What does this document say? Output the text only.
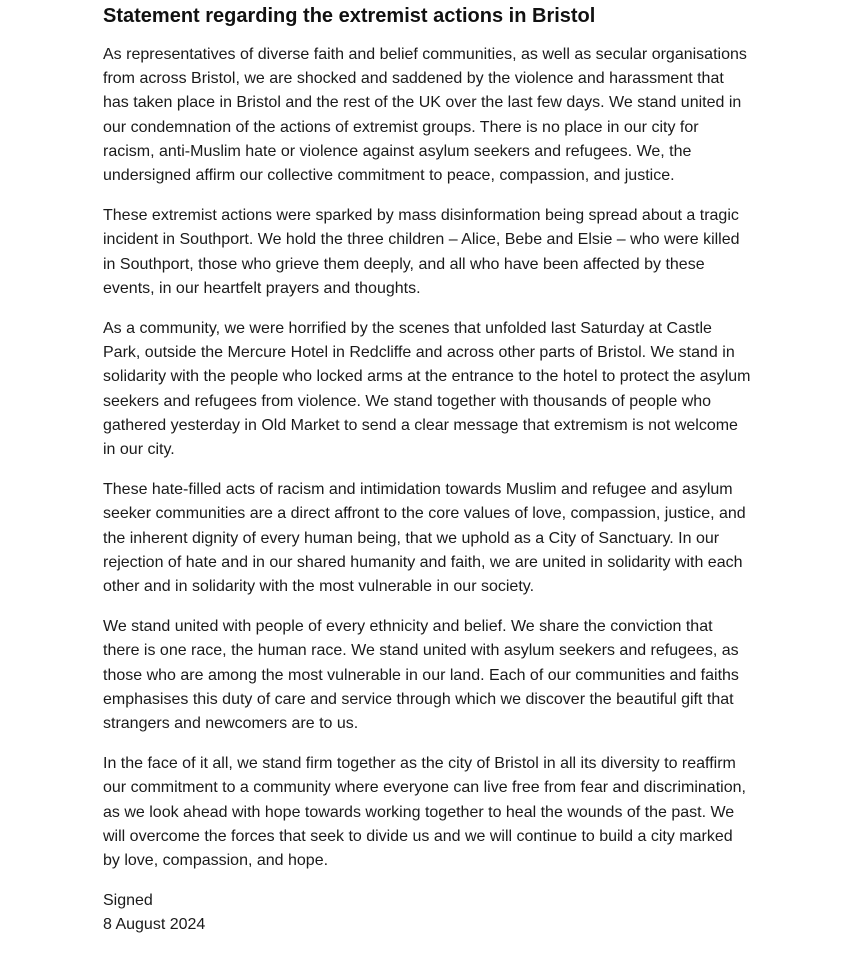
Statement regarding the extremist actions in Bristol

As representatives of diverse faith and belief communities, as well as secular organisations from across Bristol, we are shocked and saddened by the violence and harassment that has taken place in Bristol and the rest of the UK over the last few days. We stand united in our condemnation of the actions of extremist groups. There is no place in our city for racism, anti-Muslim hate or violence against asylum seekers and refugees. We, the undersigned affirm our collective commitment to peace, compassion, and justice.

These extremist actions were sparked by mass disinformation being spread about a tragic incident in Southport. We hold the three children – Alice, Bebe and Elsie – who were killed in Southport, those who grieve them deeply, and all who have been affected by these events, in our heartfelt prayers and thoughts.

As a community, we were horrified by the scenes that unfolded last Saturday at Castle Park, outside the Mercure Hotel in Redcliffe and across other parts of Bristol. We stand in solidarity with the people who locked arms at the entrance to the hotel to protect the asylum seekers and refugees from violence. We stand together with thousands of people who gathered yesterday in Old Market to send a clear message that extremism is not welcome in our city.

These hate-filled acts of racism and intimidation towards Muslim and refugee and asylum seeker communities are a direct affront to the core values of love, compassion, justice, and the inherent dignity of every human being, that we uphold as a City of Sanctuary. In our rejection of hate and in our shared humanity and faith, we are united in solidarity with each other and in solidarity with the most vulnerable in our society.

We stand united with people of every ethnicity and belief. We share the conviction that there is one race, the human race. We stand united with asylum seekers and refugees, as those who are among the most vulnerable in our land. Each of our communities and faiths emphasises this duty of care and service through which we discover the beautiful gift that strangers and newcomers are to us.

In the face of it all, we stand firm together as the city of Bristol in all its diversity to reaffirm our commitment to a community where everyone can live free from fear and discrimination, as we look ahead with hope towards working together to heal the wounds of the past. We will overcome the forces that seek to divide us and we will continue to build a city marked by love, compassion, and hope.

Signed
8 August 2024
